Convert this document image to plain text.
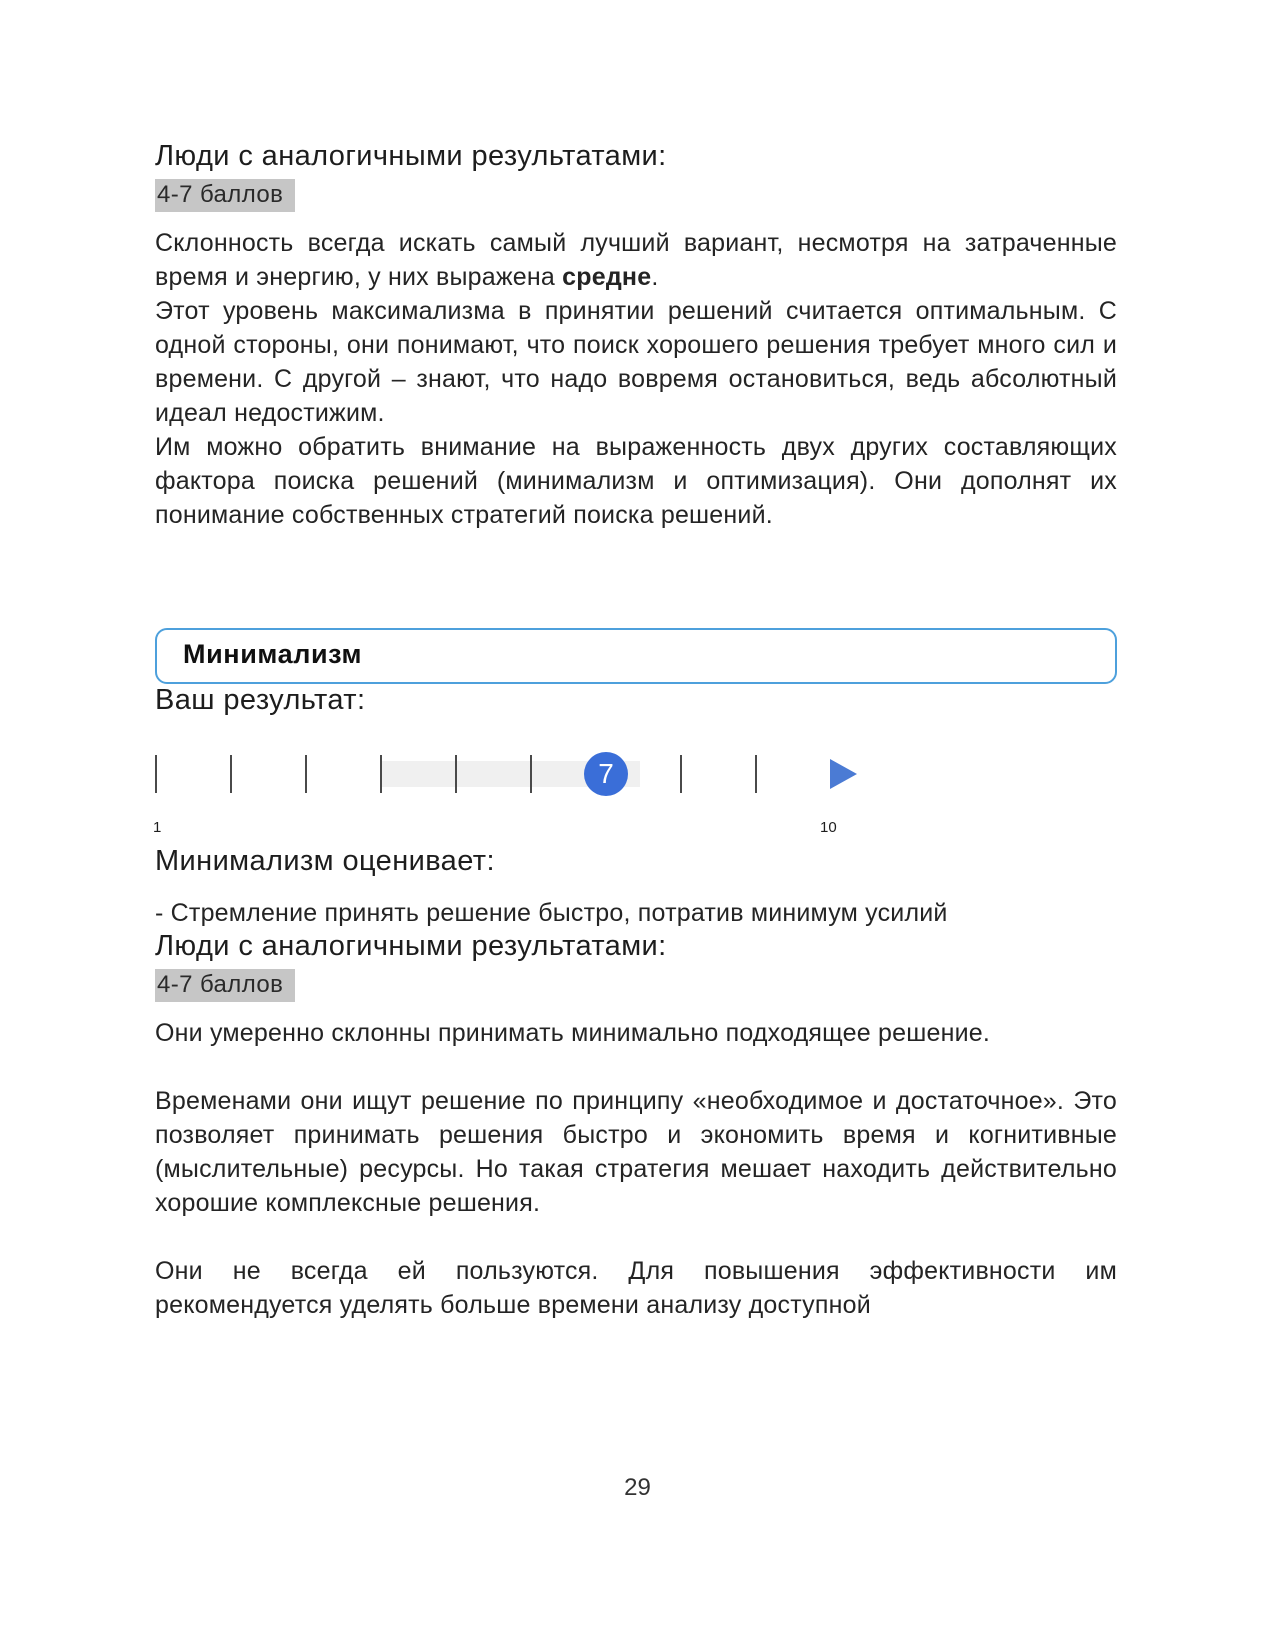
Люди с аналогичными результатами:
4-7 баллов

Склонность всегда искать самый лучший вариант, несмотря на затраченные время и энергию, у них выражена средне.

Этот уровень максимализма в принятии решений считается оптимальным. С одной стороны, они понимают, что поиск хорошего решения требует много сил и времени. С другой – знают, что надо вовремя остановиться, ведь абсолютный идеал недостижим.

Им можно обратить внимание на выраженность двух других составляющих фактора поиска решений (минимализм и оптимизация). Они дополнят их понимание собственных стратегий поиска решений.

Минимализм
Ваш результат:
7
1	10
Минимализм оценивает:

- Стремление принять решение быстро, потратив минимум усилий

Люди с аналогичными результатами:
4-7 баллов

Они умеренно склонны принимать минимально подходящее решение.

Временами они ищут решение по принципу «необходимое и достаточное». Это позволяет принимать решения быстро и экономить время и когнитивные (мыслительные) ресурсы. Но такая стратегия мешает находить действительно хорошие комплексные решения.

Они не всегда ей пользуются. Для повышения эффективности им рекомендуется уделять больше времени анализу доступной

29
